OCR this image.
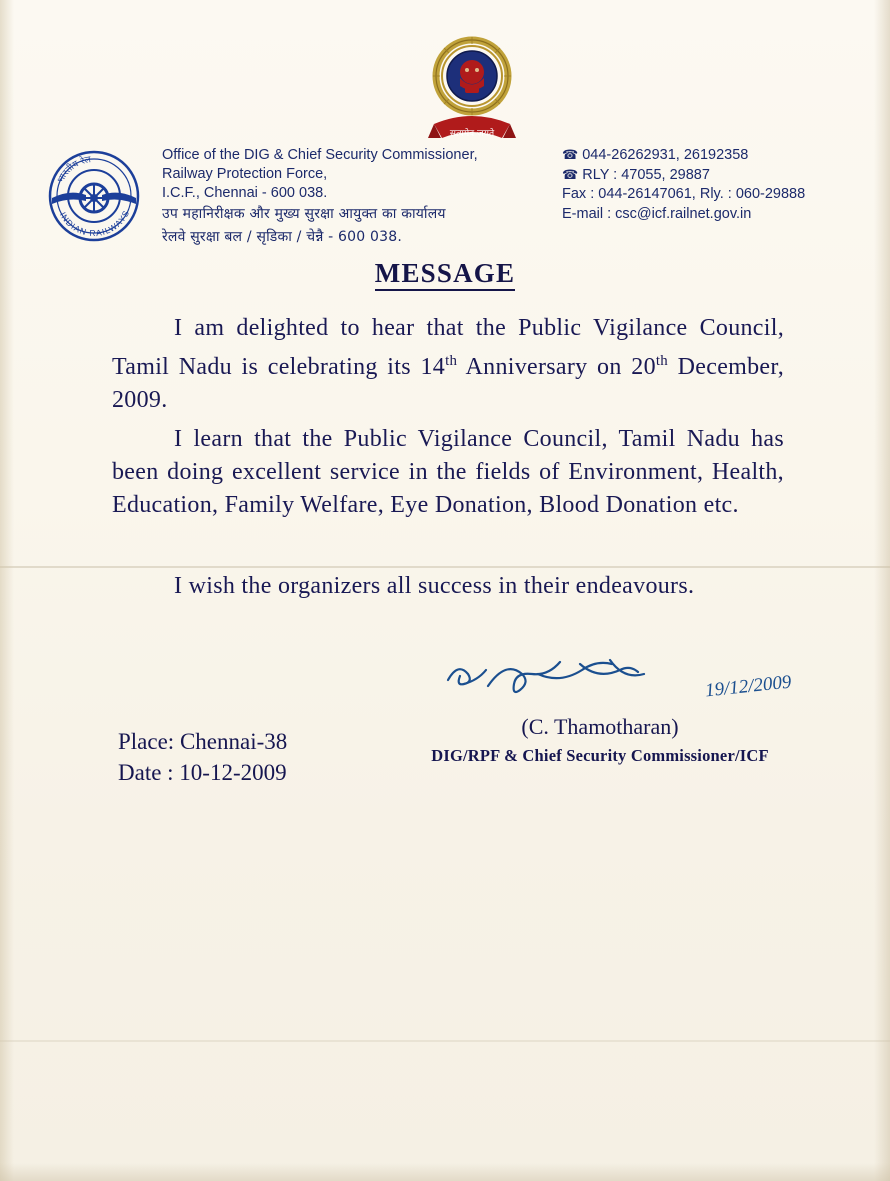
सत्यमेव जयते
भारतीय रेल
INDIAN RAILWAYS
Office of the DIG & Chief Security Commissioner,
Railway Protection Force,
I.C.F., Chennai - 600 038.
उप महानिरीक्षक और मुख्य सुरक्षा आयुक्त का कार्यालय
रेलवे सुरक्षा बल / सृडिका / चेन्नै - 600 038.
☎ 044-26262931, 26192358
☎ RLY : 47055, 29887
Fax : 044-26147061, Rly. : 060-29888
E-mail : csc@icf.railnet.gov.in
MESSAGE

I am delighted to hear that the Public Vigilance Council, Tamil Nadu is celebrating its 14th Anniversary on 20th December, 2009.

I learn that the Public Vigilance Council, Tamil Nadu has been doing excellent service in the fields of Environment, Health, Education, Family Welfare, Eye Donation, Blood Donation etc.

I wish the organizers all success in their endeavours.

19/12/2009
(C. Thamotharan)
DIG/RPF & Chief Security Commissioner/ICF
Place: Chennai-38
Date : 10-12-2009
